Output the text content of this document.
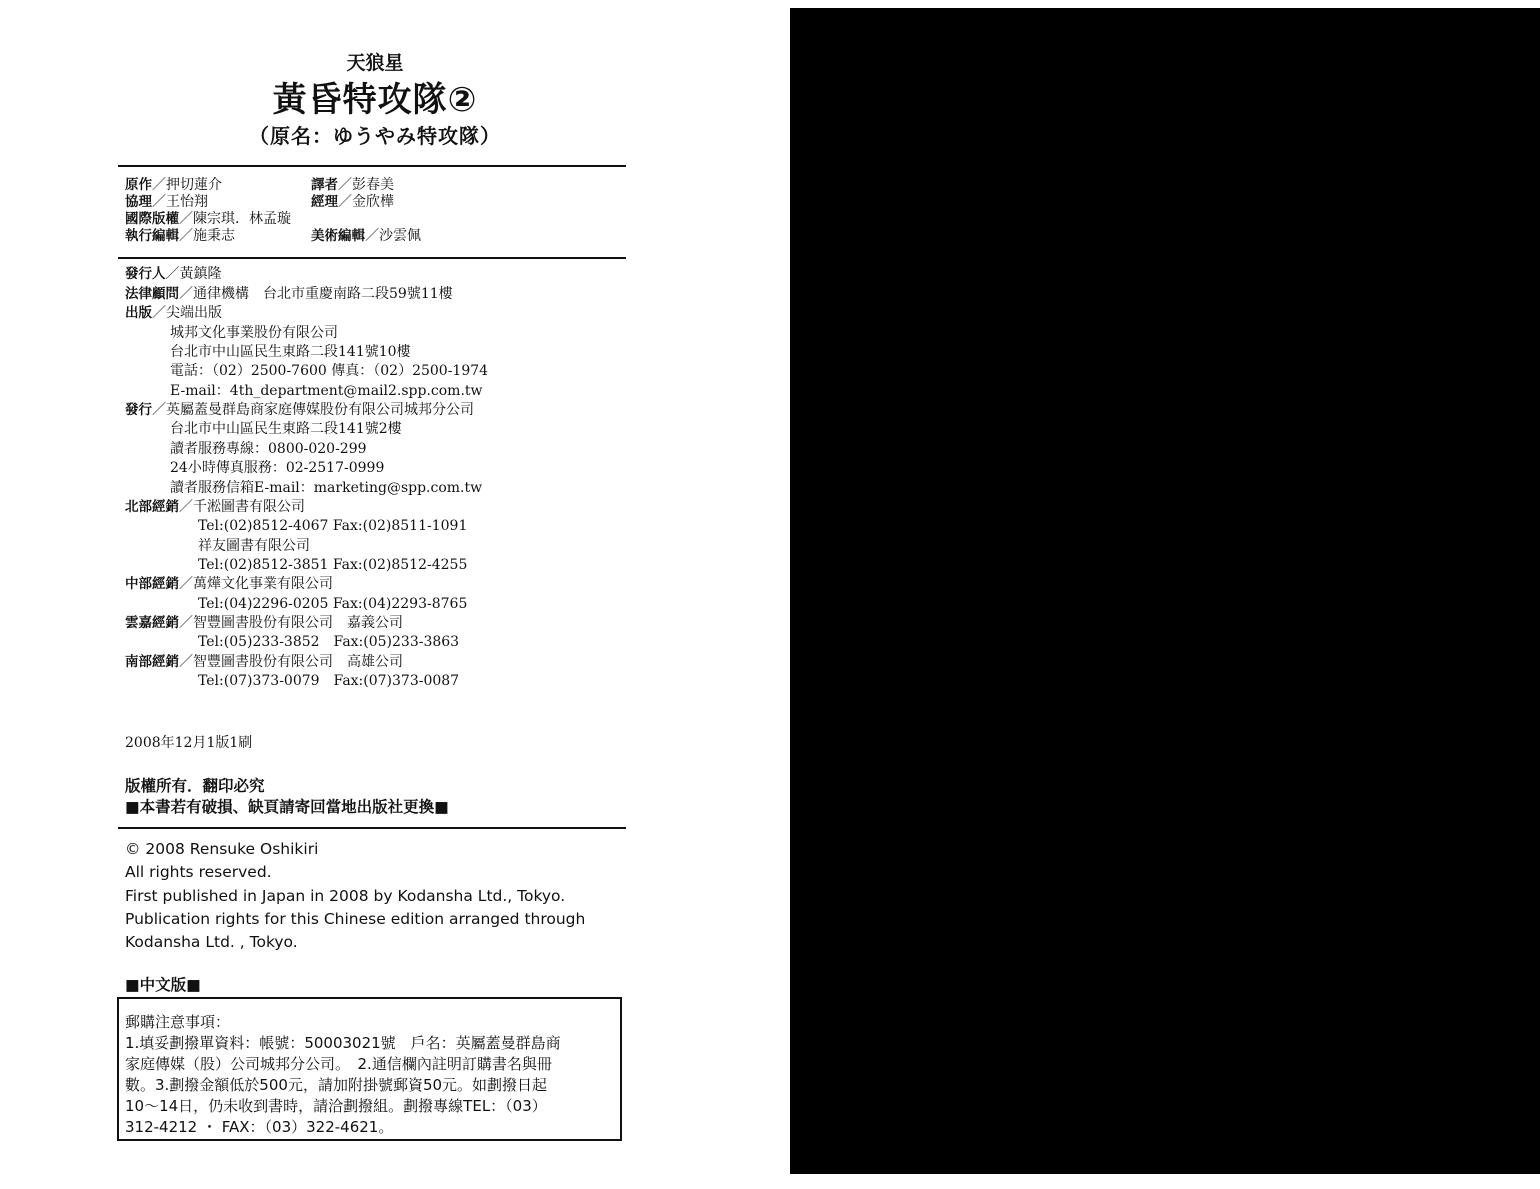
天狼星
黃昏特攻隊②
（原名：ゆうやみ特攻隊）
原作／押切蓮介	譯者／彭春美
協理／王怡翔	經理／金欣樺
國際版權／陳宗琪．林孟璇
執行編輯／施秉志	美術編輯／沙雲佩
發行人／黃鎮隆
法律顧問／通律機構　台北市重慶南路二段59號11樓
出版／尖端出版
城邦文化事業股份有限公司
台北市中山區民生東路二段141號10樓
電話：（02）2500-7600 傳真：（02）2500-1974
E-mail：4th_department@mail2.spp.com.tw
發行／英屬蓋曼群島商家庭傳媒股份有限公司城邦分公司
台北市中山區民生東路二段141號2樓
讀者服務專線：0800-020-299
24小時傳真服務：02-2517-0999
讀者服務信箱E-mail：marketing@spp.com.tw
北部經銷／千淞圖書有限公司
Tel:(02)8512-4067 Fax:(02)8511-1091
祥友圖書有限公司
Tel:(02)8512-3851 Fax:(02)8512-4255
中部經銷／萬燁文化事業有限公司
Tel:(04)2296-0205 Fax:(04)2293-8765
雲嘉經銷／智豐圖書股份有限公司　嘉義公司
Tel:(05)233-3852　Fax:(05)233-3863
南部經銷／智豐圖書股份有限公司　高雄公司
Tel:(07)373-0079　Fax:(07)373-0087
2008年12月1版1刷
版權所有．翻印必究
■本書若有破損、缺頁請寄回當地出版社更換■
© 2008 Rensuke Oshikiri
All rights reserved.
First published in Japan in 2008 by Kodansha Ltd., Tokyo.
Publication rights for this Chinese edition arranged through
Kodansha Ltd. , Tokyo.
■中文版■
郵購注意事項：
1.填妥劃撥單資料：帳號：50003021號　戶名：英屬蓋曼群島商
家庭傳媒（股）公司城邦分公司。　2.通信欄內註明訂購書名與冊
數。3.劃撥金額低於500元，請加附掛號郵資50元。如劃撥日起
10～14日，仍未收到書時，請洽劃撥組。劃撥專線TEL：（03）
312-4212 ・ FAX：（03）322-4621。
